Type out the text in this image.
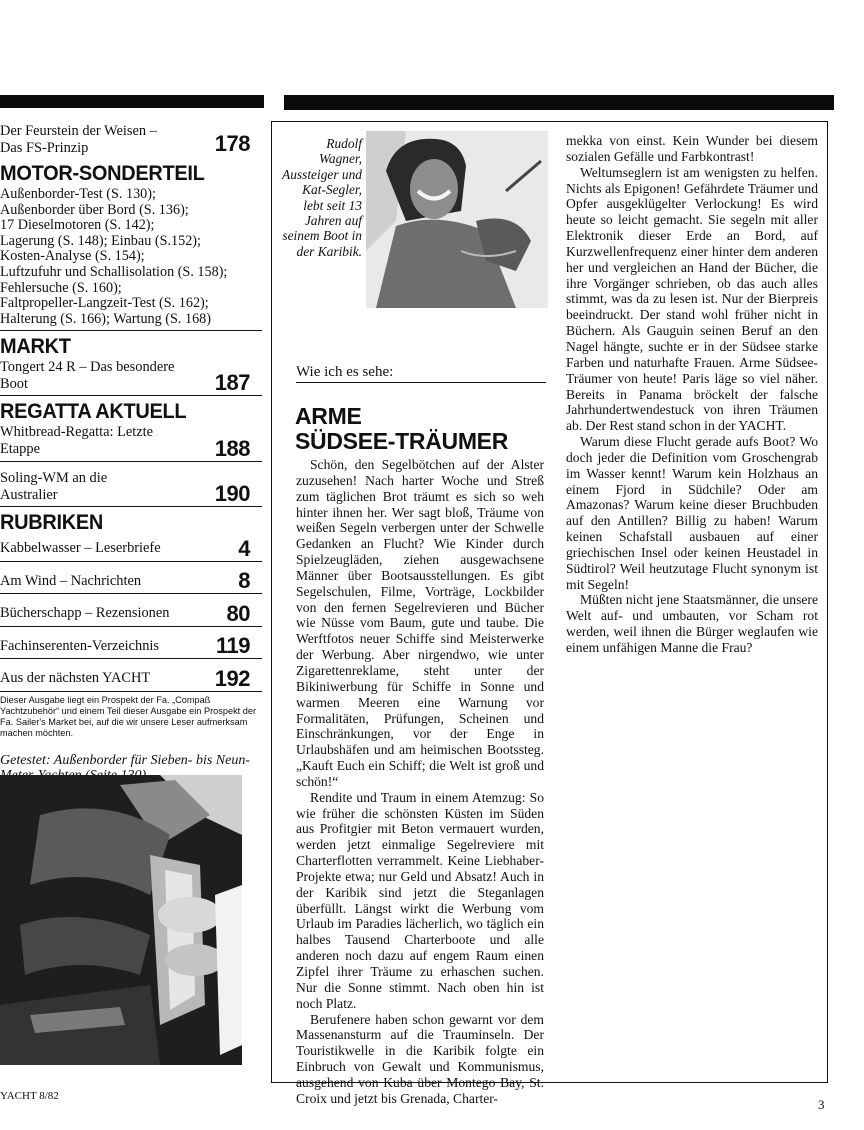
Der Feurstein der Weisen –
Das FS-Prinzip	178
MOTOR-SONDERTEIL
Außenborder-Test (S. 130);
Außenborder über Bord (S. 136);
17 Dieselmotoren (S. 142);
Lagerung (S. 148); Einbau (S.152);
Kosten-Analyse (S. 154);
Luftzufuhr und Schallisolation (S. 158);
Fehlersuche (S. 160);
Faltpropeller-Langzeit-Test (S. 162);
Halterung (S. 166); Wartung (S. 168)
MARKT
Tongert 24 R – Das besondere
Boot	187
REGATTA AKTUELL
Whitbread-Regatta: Letzte
Etappe	188
Soling-WM an die
Australier	190
RUBRIKEN
Kabbelwasser – Leserbriefe	4
Am Wind – Nachrichten	8
Bücherschapp – Rezensionen	80
Fachinserenten-Verzeichnis	119
Aus der nächsten YACHT	192
Dieser Ausgabe liegt ein Prospekt der Fa. „Compaß Yachtzubehör“ und einem Teil dieser Ausgabe ein Prospekt der Fa. Sailer's Market bei, auf die wir unsere Leser aufmerksam machen möchten.
Getestet: Außenborder für Sieben- bis Neun-
Rudolf Wagner, Aussteiger und Kat-Segler, lebt seit 13 Jahren auf seinem Boot in der Karibik.
Wie ich es sehe:
ARME
SÜDSEE-TRÄUMER

Schön, den Segelbötchen auf der Alster zuzusehen! Nach harter Woche und Streß zum täglichen Brot träumt es sich so weh hinter ihnen her. Wer sagt bloß, Träume von weißen Segeln verbergen unter der Schwelle Gedanken an Flucht? Wie Kinder durch Spielzeugläden, ziehen ausgewachsene Männer über Bootsausstellungen. Es gibt Segelschulen, Filme, Vorträge, Lockbilder von den fernen Segelrevieren und Bücher wie Nüsse vom Baum, gute und taube. Die Werftfotos neuer Schiffe sind Meisterwerke der Werbung. Aber nirgendwo, wie unter Zigarettenreklame, steht unter der Bikiniwerbung für Schiffe in Sonne und warmen Meeren eine Warnung vor Formalitäten, Prüfungen, Scheinen und Einschränkungen, vor der Enge in Urlaubshäfen und am heimischen Bootssteg. „Kauft Euch ein Schiff; die Welt ist groß und schön!“

Rendite und Traum in einem Atemzug: So wie früher die schönsten Küsten im Süden aus Profitgier mit Beton vermauert wurden, werden jetzt einmalige Segelreviere mit Charterflotten verrammelt. Keine Liebhaber-Projekte etwa; nur Geld und Absatz! Auch in der Karibik sind jetzt die Steganlagen überfüllt. Längst wirkt die Werbung vom Urlaub im Paradies lächerlich, wo täglich ein halbes Tausend Charterboote und alle anderen noch dazu auf engem Raum einen Zipfel ihrer Träume zu erhaschen suchen. Nur die Sonne stimmt. Nach oben hin ist noch Platz.

Berufenere haben schon gewarnt vor dem Massenansturm auf die Trauminseln. Der Touristikwelle in die Karibik folgte ein Einbruch von Gewalt und Kommunismus, ausgehend von Kuba über Montego Bay, St. Croix und jetzt bis Grenada, Charter-

mekka von einst. Kein Wunder bei diesem sozialen Gefälle und Farbkontrast!

Weltumseglern ist am wenigsten zu helfen. Nichts als Epigonen! Gefährdete Träumer und Opfer ausgeklügelter Verlockung! Es wird heute so leicht gemacht. Sie segeln mit aller Elektronik dieser Erde an Bord, auf Kurzwellenfrequenz einer hinter dem anderen her und vergleichen an Hand der Bücher, die ihre Vorgänger schrieben, ob das auch alles stimmt, was da zu lesen ist. Nur der Bierpreis beeindruckt. Der stand wohl früher nicht in Büchern. Als Gauguin seinen Beruf an den Nagel hängte, suchte er in der Südsee starke Farben und naturhafte Frauen. Arme Südsee-Träumer von heute! Paris läge so viel näher. Bereits in Panama bröckelt der falsche Jahrhundertwendestuck von ihren Träumen ab. Der Rest stand schon in der YACHT.

Warum diese Flucht gerade aufs Boot? Wo doch jeder die Definition vom Groschengrab im Wasser kennt! Warum kein Holzhaus an einem Fjord in Südchile? Oder am Amazonas? Warum keine dieser Bruchbuden auf den Antillen? Billig zu haben! Warum keinen Schafstall ausbauen auf einer griechischen Insel oder keinen Heustadel in Südtirol? Weil heutzutage Flucht synonym ist mit Segeln!

Müßten nicht jene Staatsmänner, die unsere Welt auf- und umbauten, vor Scham rot werden, weil ihnen die Bürger weglaufen wie einem unfähigen Manne die Frau?

YACHT 8/82
3
